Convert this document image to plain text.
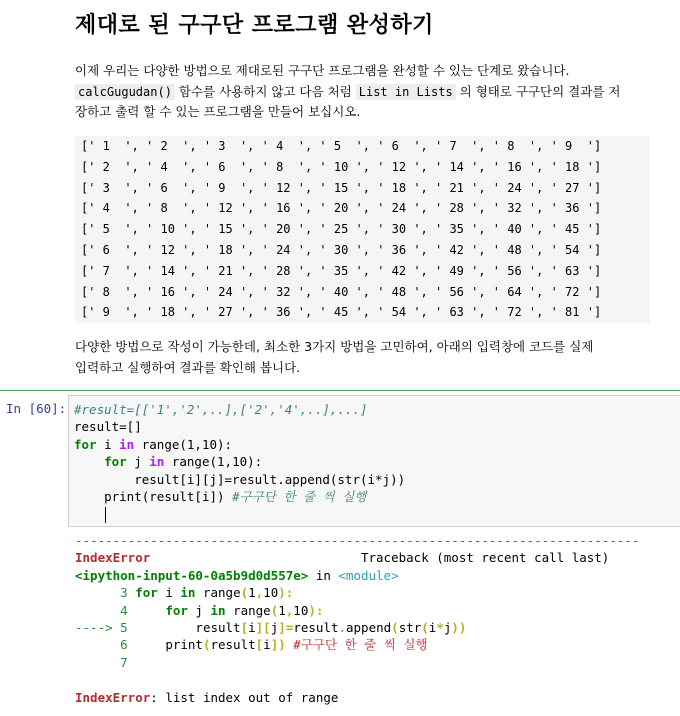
제대로 된 구구단 프로그램 완성하기

이제 우리는 다양한 방법으로 제대로된 구구단 프로그램을 완성할 수 있는 단계로 왔습니다.
calcGugudan() 함수를 사용하지 않고 다음 처럼 List in Lists 의 형태로 구구단의 결과를 저
장하고 출력 할 수 있는 프로그램을 만들어 보십시오.

[' 1  ', ' 2  ', ' 3  ', ' 4  ', ' 5  ', ' 6  ', ' 7  ', ' 8  ', ' 9  ']
[' 2  ', ' 4  ', ' 6  ', ' 8  ', ' 10 ', ' 12 ', ' 14 ', ' 16 ', ' 18 ']
[' 3  ', ' 6  ', ' 9  ', ' 12 ', ' 15 ', ' 18 ', ' 21 ', ' 24 ', ' 27 ']
[' 4  ', ' 8  ', ' 12 ', ' 16 ', ' 20 ', ' 24 ', ' 28 ', ' 32 ', ' 36 ']
[' 5  ', ' 10 ', ' 15 ', ' 20 ', ' 25 ', ' 30 ', ' 35 ', ' 40 ', ' 45 ']
[' 6  ', ' 12 ', ' 18 ', ' 24 ', ' 30 ', ' 36 ', ' 42 ', ' 48 ', ' 54 ']
[' 7  ', ' 14 ', ' 21 ', ' 28 ', ' 35 ', ' 42 ', ' 49 ', ' 56 ', ' 63 ']
[' 8  ', ' 16 ', ' 24 ', ' 32 ', ' 40 ', ' 48 ', ' 56 ', ' 64 ', ' 72 ']
[' 9  ', ' 18 ', ' 27 ', ' 36 ', ' 45 ', ' 54 ', ' 63 ', ' 72 ', ' 81 ']

다양한 방법으로 작성이 가능한데, 최소한 3가지 방법을 고민하여, 아래의 입력창에 코드를 실제
입력하고 실행하여 결과를 확인해 봅니다.

In [60]: #result=[['1','2',..],['2','4',..],...]
result=[]
for i in range(1,10):
for j in range(1,10):
result[i][j]=result.append(str(i*j))
print(result[i]) #구구단 한 줄 씩 실행

---------------------------------------------------------------------------
IndexError	Traceback (most recent call last)
<ipython-input-60-0a5b9d0d557e> in <module>
3 for i in range(1,10):
4	for j in range(1,10):
----> 5         result[i][j]=result.append(str(i*j))
6     print(result[i]) #구구단 한 줄 씩 실행
7

IndexError: list index out of range
